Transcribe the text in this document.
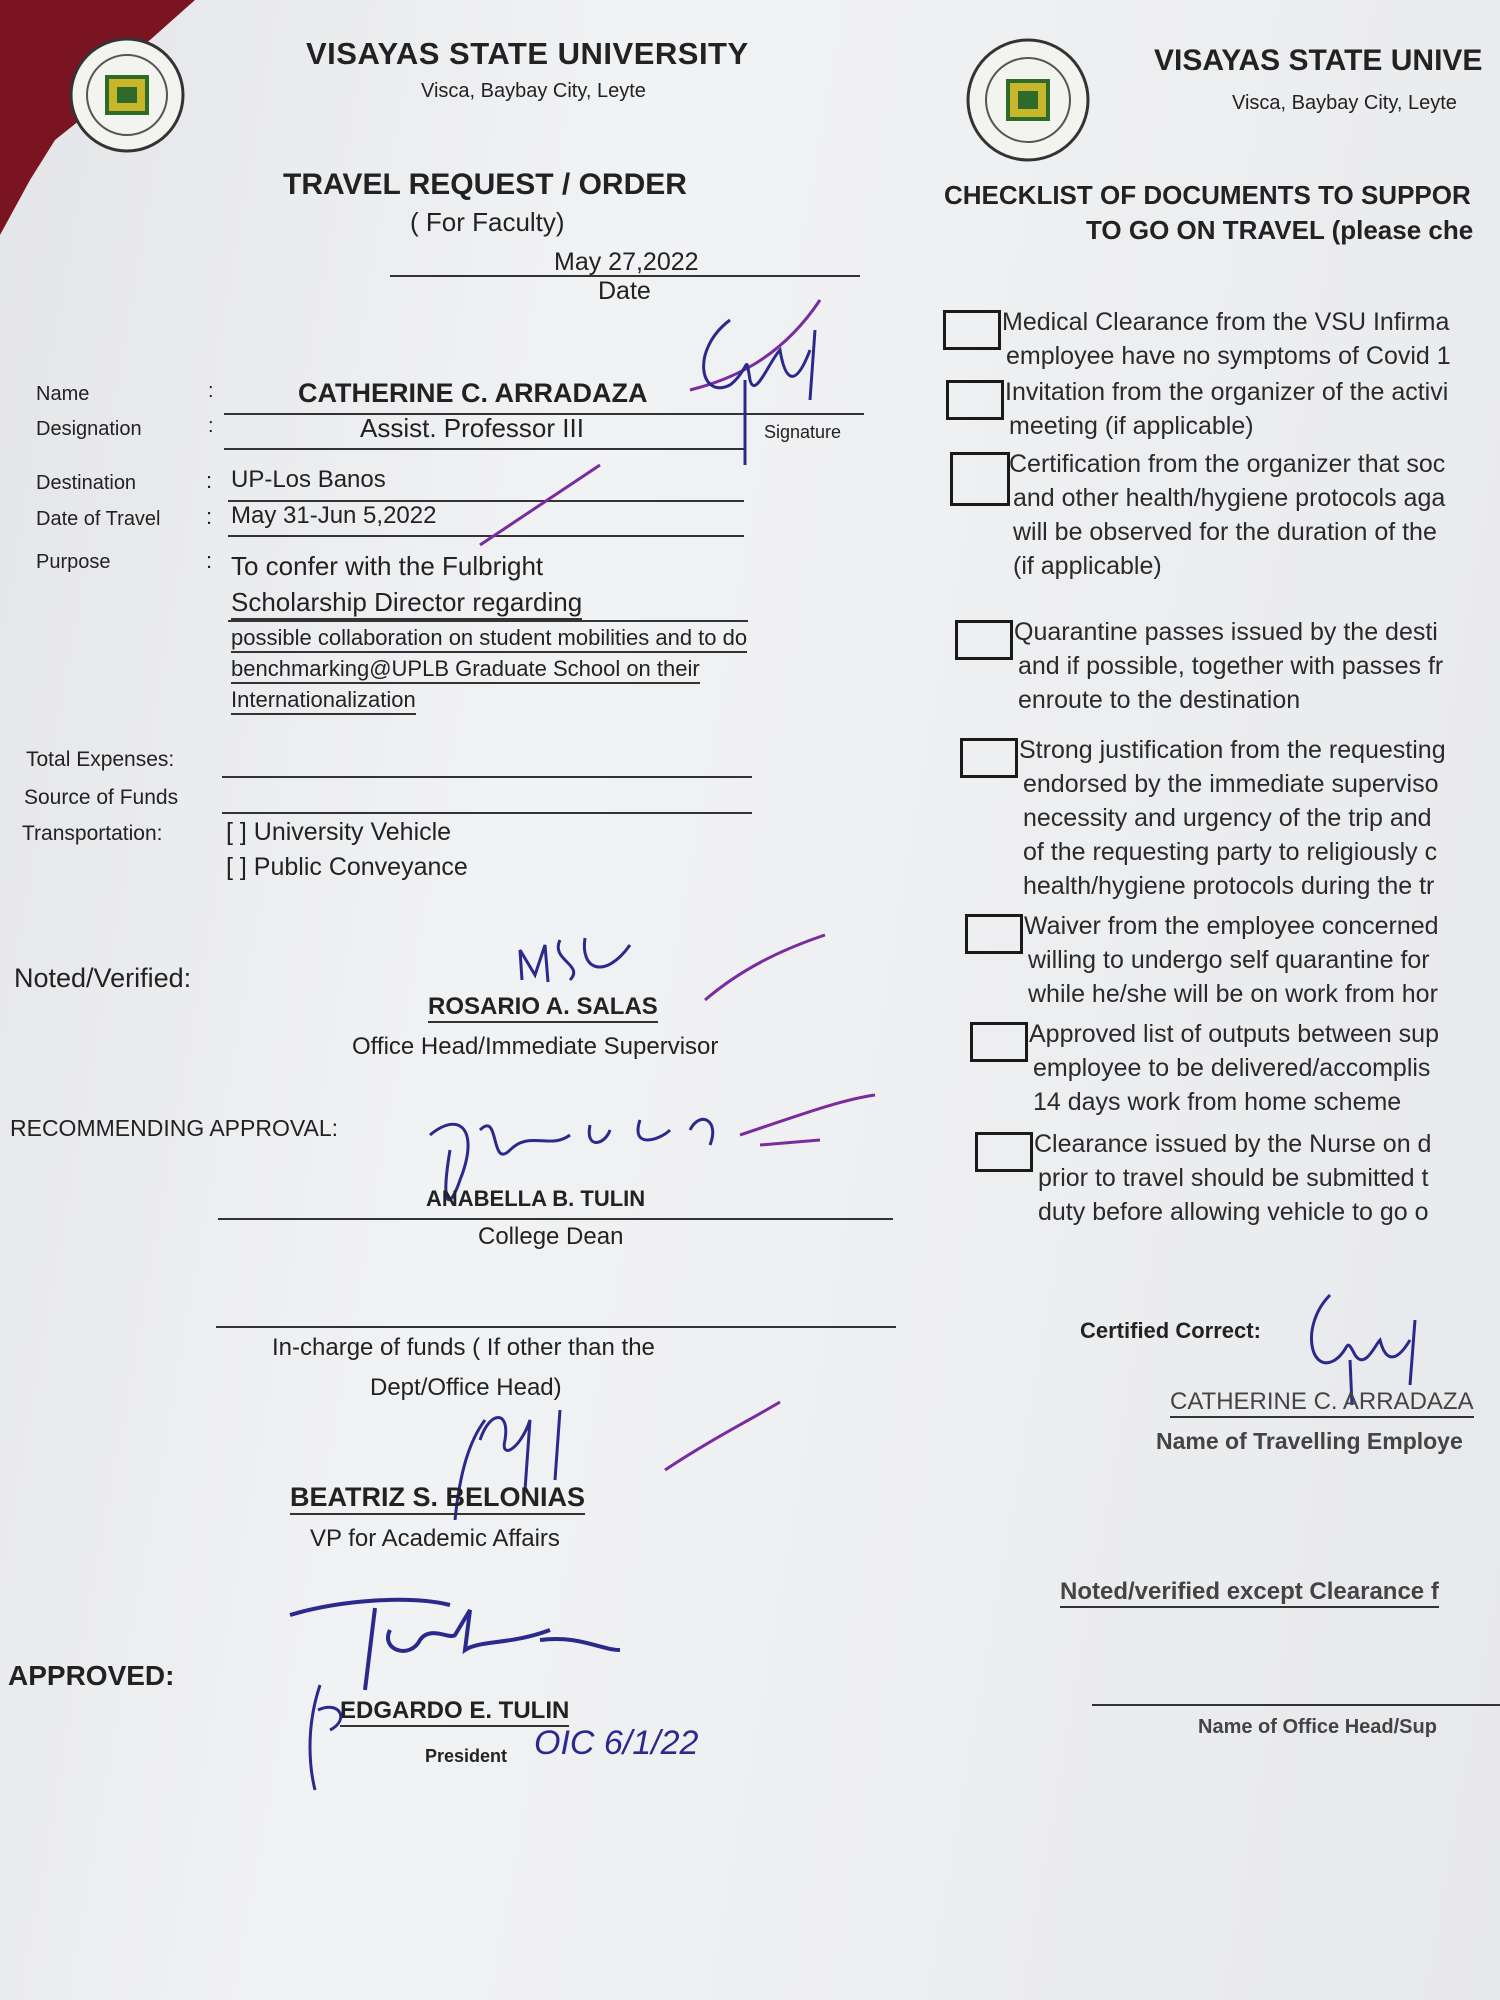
VISAYAS STATE UNIVERSITY
Visca, Baybay City, Leyte
TRAVEL REQUEST / ORDER
( For Faculty)
May 27,2022
Date
Name	:	CATHERINE C. ARRADAZA
Designation	:	Assist. Professor III	Signature
Destination	: UP-Los Banos
Date of Travel : May 31-Jun 5,2022
Purpose	: To confer with the Fulbright
Scholarship Director regarding
possible collaboration on student mobilities and to do
benchmarking@UPLB Graduate School on their
Internationalization
Total Expenses:
Source of Funds
Transportation:	[ ] University Vehicle
[ ] Public Conveyance
Noted/Verified:
ROSARIO A. SALAS
Office Head/Immediate Supervisor
RECOMMENDING APPROVAL:
ANABELLA B. TULIN
College Dean
In-charge of funds ( If other than the
Dept/Office Head)
BEATRIZ S. BELONIAS
VP for Academic Affairs
APPROVED:
EDGARDO E. TULIN
President OIC 6/1/22
VISAYAS STATE UNIVE
Visca, Baybay City, Leyte
CHECKLIST OF DOCUMENTS TO SUPPOR
TO GO ON TRAVEL (please che
Medical Clearance from the VSU Infirma
employee have no symptoms of Covid 1
Invitation from the organizer of the activi
meeting (if applicable)
Certification from the organizer that soc
and other health/hygiene protocols aga
will be observed for the duration of the
(if applicable)
Quarantine passes issued by the desti
and if possible, together with passes fr
enroute to the destination
Strong justification from the requesting
endorsed by the immediate superviso
necessity and urgency of the trip and
of the requesting party to religiously c
health/hygiene protocols during the tr
Waiver from the employee concerned
willing to undergo self quarantine for
while he/she will be on work from hor
Approved list of outputs between sup
employee to be delivered/accomplis
14 days work from home scheme
Clearance issued by the Nurse on d
prior to travel should be submitted t
duty before allowing vehicle to go o
Certified Correct:
CATHERINE C. ARRADAZA
Name of Travelling Employe
Noted/verified except Clearance f
Name of Office Head/Sup
